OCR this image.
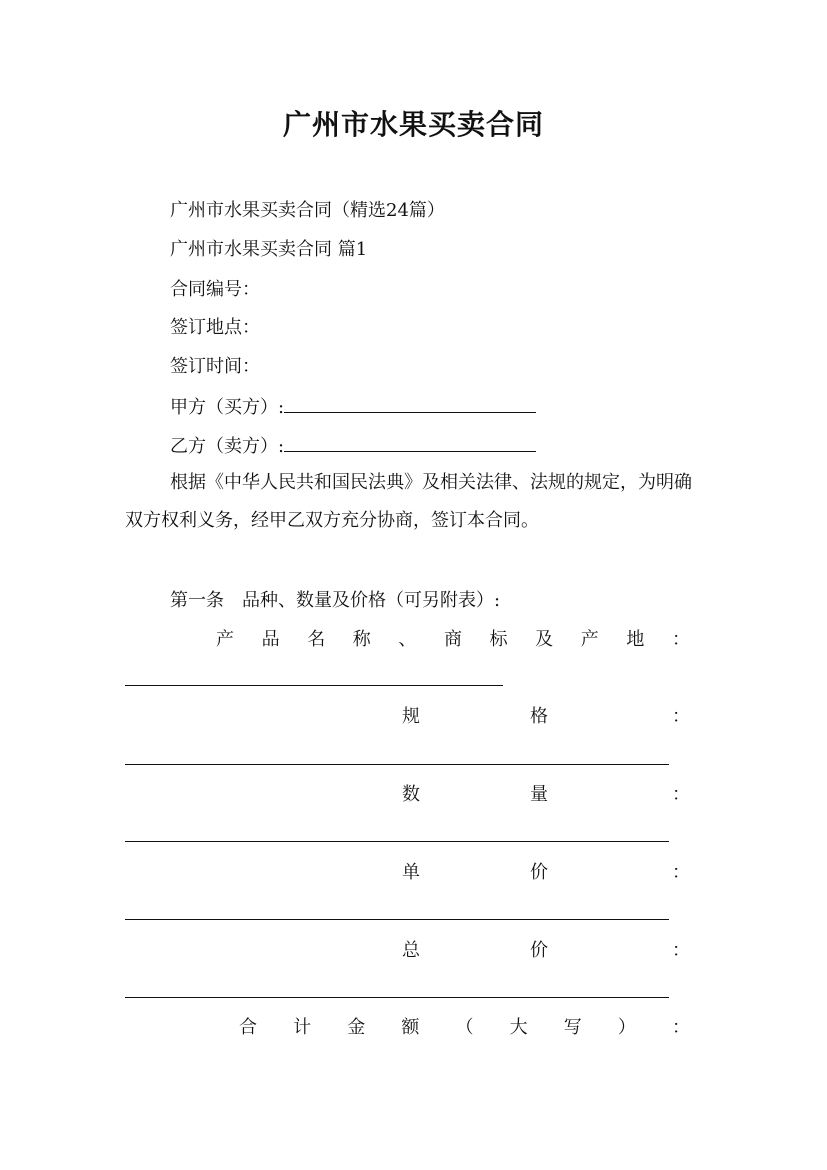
广州市水果买卖合同
广州市水果买卖合同（精选24篇）
广州市水果买卖合同 篇1
合同编号：
签订地点：
签订时间：
甲方（买方）:
乙方（卖方）:
根据《中华人民共和国民法典》及相关法律、法规的规定，为明确双方权利义务，经甲乙双方充分协商，签订本合同。
第一条　品种、数量及价格（可另附表）:
产 品 名 称 、 商 标 及 产 地 ：
规	格	：
数	量	：
单	价	：
总	价	：
合 计 金 额 （ 大 写 ） ：
